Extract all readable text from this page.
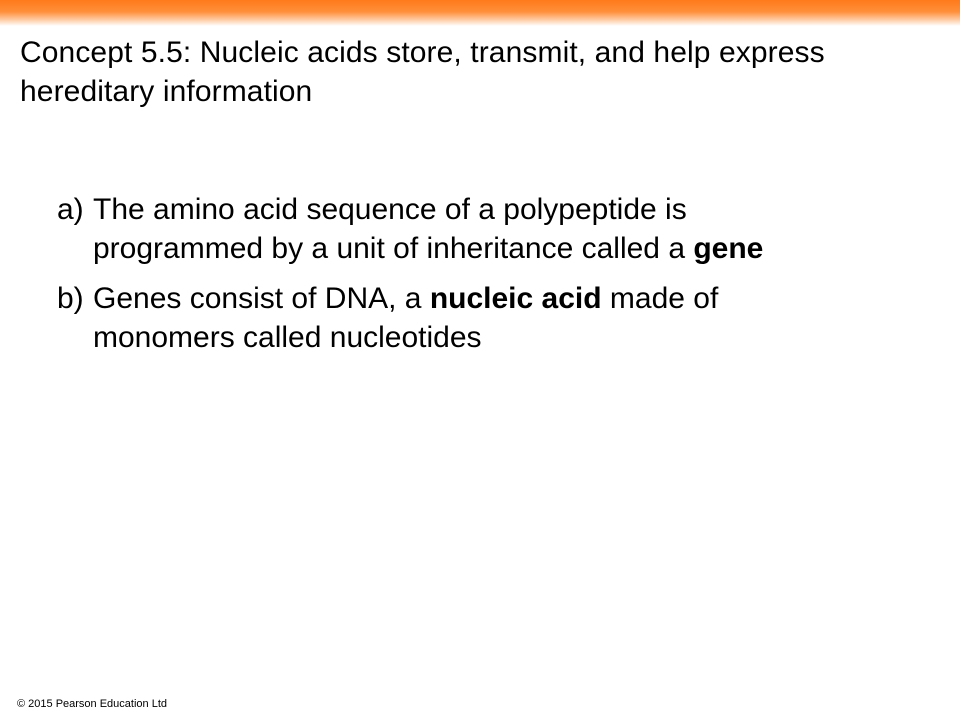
Concept 5.5: Nucleic acids store, transmit, and help express hereditary information
a) The amino acid sequence of a polypeptide is programmed by a unit of inheritance called a gene
b) Genes consist of DNA, a nucleic acid made of monomers called nucleotides
© 2015 Pearson Education Ltd
